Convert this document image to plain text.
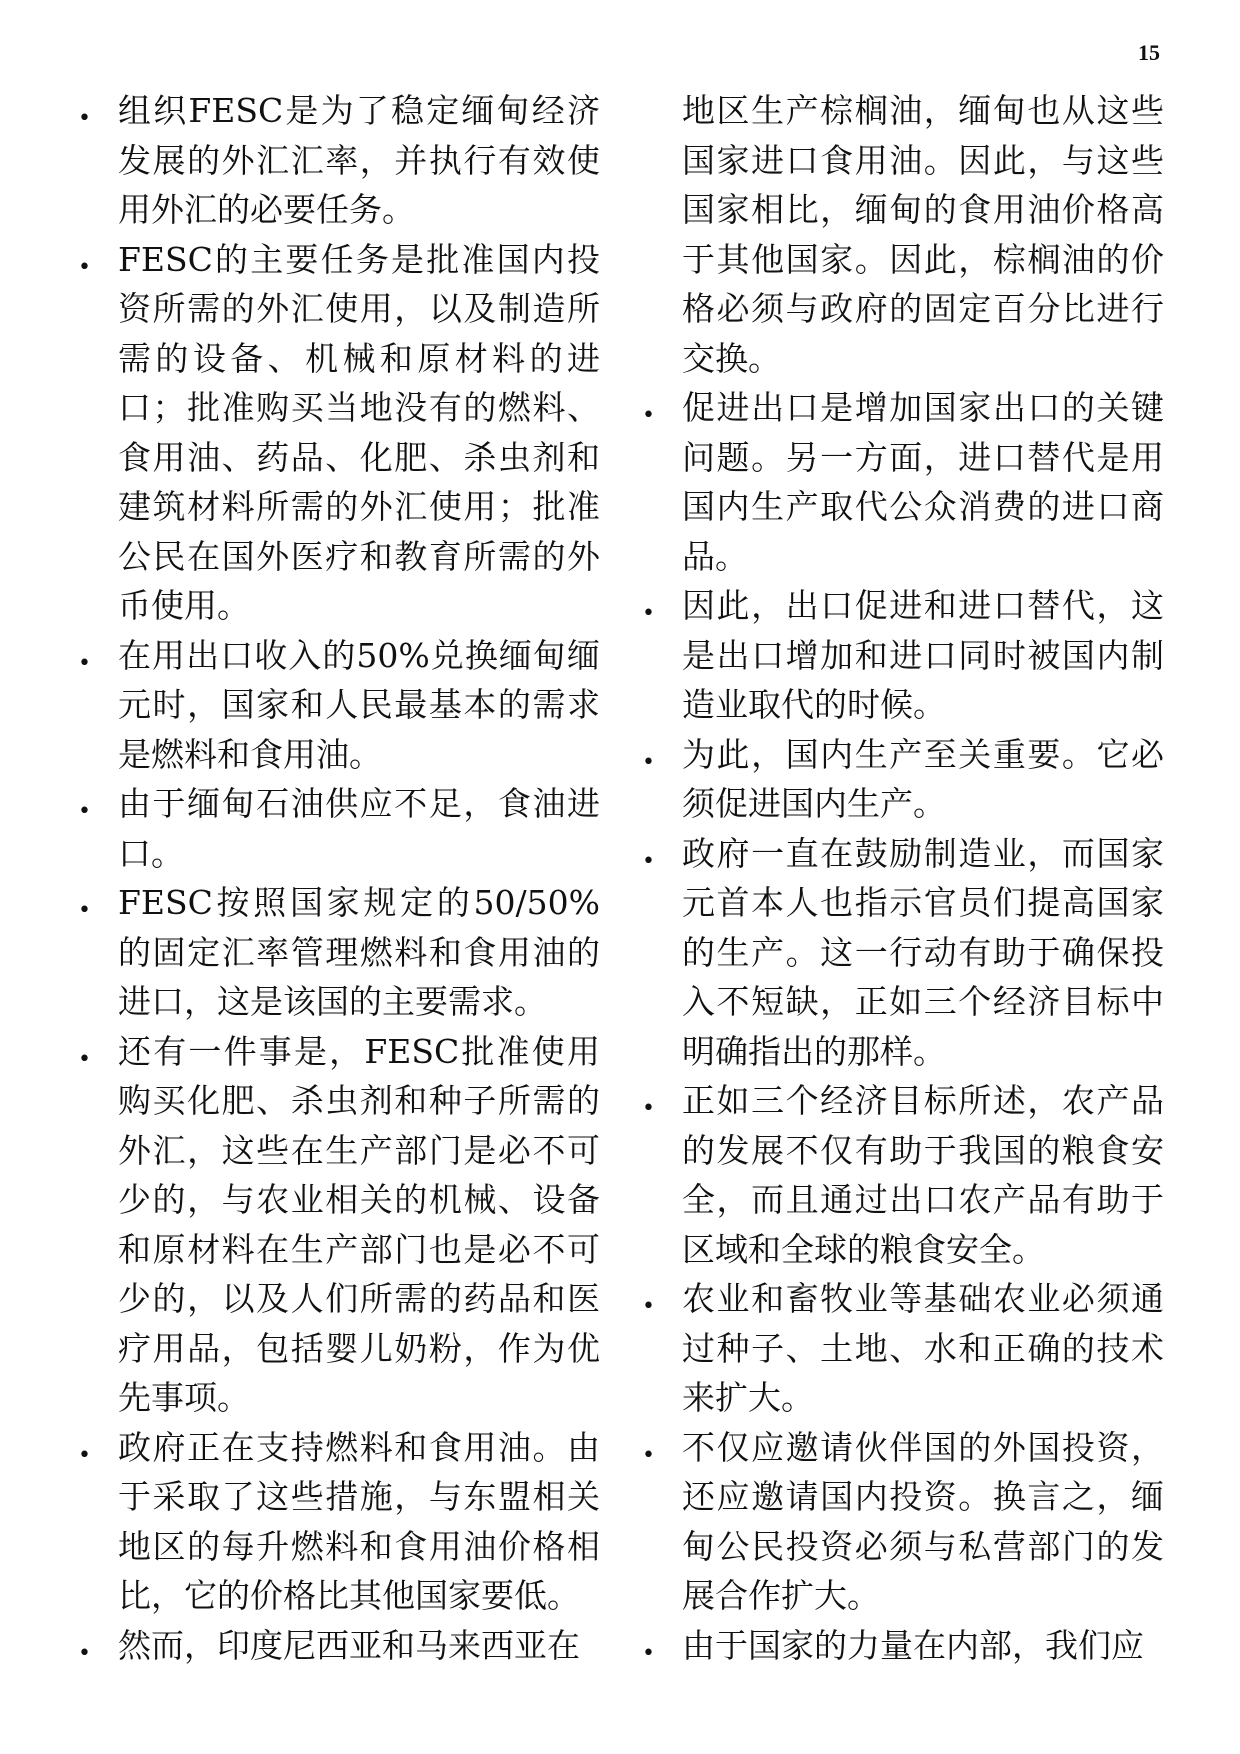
15
• 组织FESC是为了稳定缅甸经济发展的外汇汇率，并执行有效使用外汇的必要任务。
• FESC的主要任务是批准国内投资所需的外汇使用，以及制造所需的设备、机械和原材料的进口；批准购买当地没有的燃料、食用油、药品、化肥、杀虫剂和建筑材料所需的外汇使用；批准公民在国外医疗和教育所需的外币使用。
• 在用出口收入的50%兑换缅甸缅元时，国家和人民最基本的需求是燃料和食用油。
• 由于缅甸石油供应不足，食油进口。
• FESC按照国家规定的50/50%的固定汇率管理燃料和食用油的进口，这是该国的主要需求。
• 还有一件事是，FESC批准使用购买化肥、杀虫剂和种子所需的外汇，这些在生产部门是必不可少的，与农业相关的机械、设备和原材料在生产部门也是必不可少的，以及人们所需的药品和医疗用品，包括婴儿奶粉，作为优先事项。
• 政府正在支持燃料和食用油。由于采取了这些措施，与东盟相关地区的每升燃料和食用油价格相比，它的价格比其他国家要低。
• 然而，印度尼西亚和马来西亚在
地区生产棕榈油，缅甸也从这些国家进口食用油。因此，与这些国家相比，缅甸的食用油价格高于其他国家。因此，棕榈油的价格必须与政府的固定百分比进行交换。
• 促进出口是增加国家出口的关键问题。另一方面，进口替代是用国内生产取代公众消费的进口商品。
• 因此，出口促进和进口替代，这是出口增加和进口同时被国内制造业取代的时候。
• 为此，国内生产至关重要。它必须促进国内生产。
• 政府一直在鼓励制造业，而国家元首本人也指示官员们提高国家的生产。这一行动有助于确保投入不短缺，正如三个经济目标中明确指出的那样。
• 正如三个经济目标所述，农产品的发展不仅有助于我国的粮食安全，而且通过出口农产品有助于区域和全球的粮食安全。
• 农业和畜牧业等基础农业必须通过种子、土地、水和正确的技术来扩大。
• 不仅应邀请伙伴国的外国投资，还应邀请国内投资。换言之，缅甸公民投资必须与私营部门的发展合作扩大。
• 由于国家的力量在内部，我们应
